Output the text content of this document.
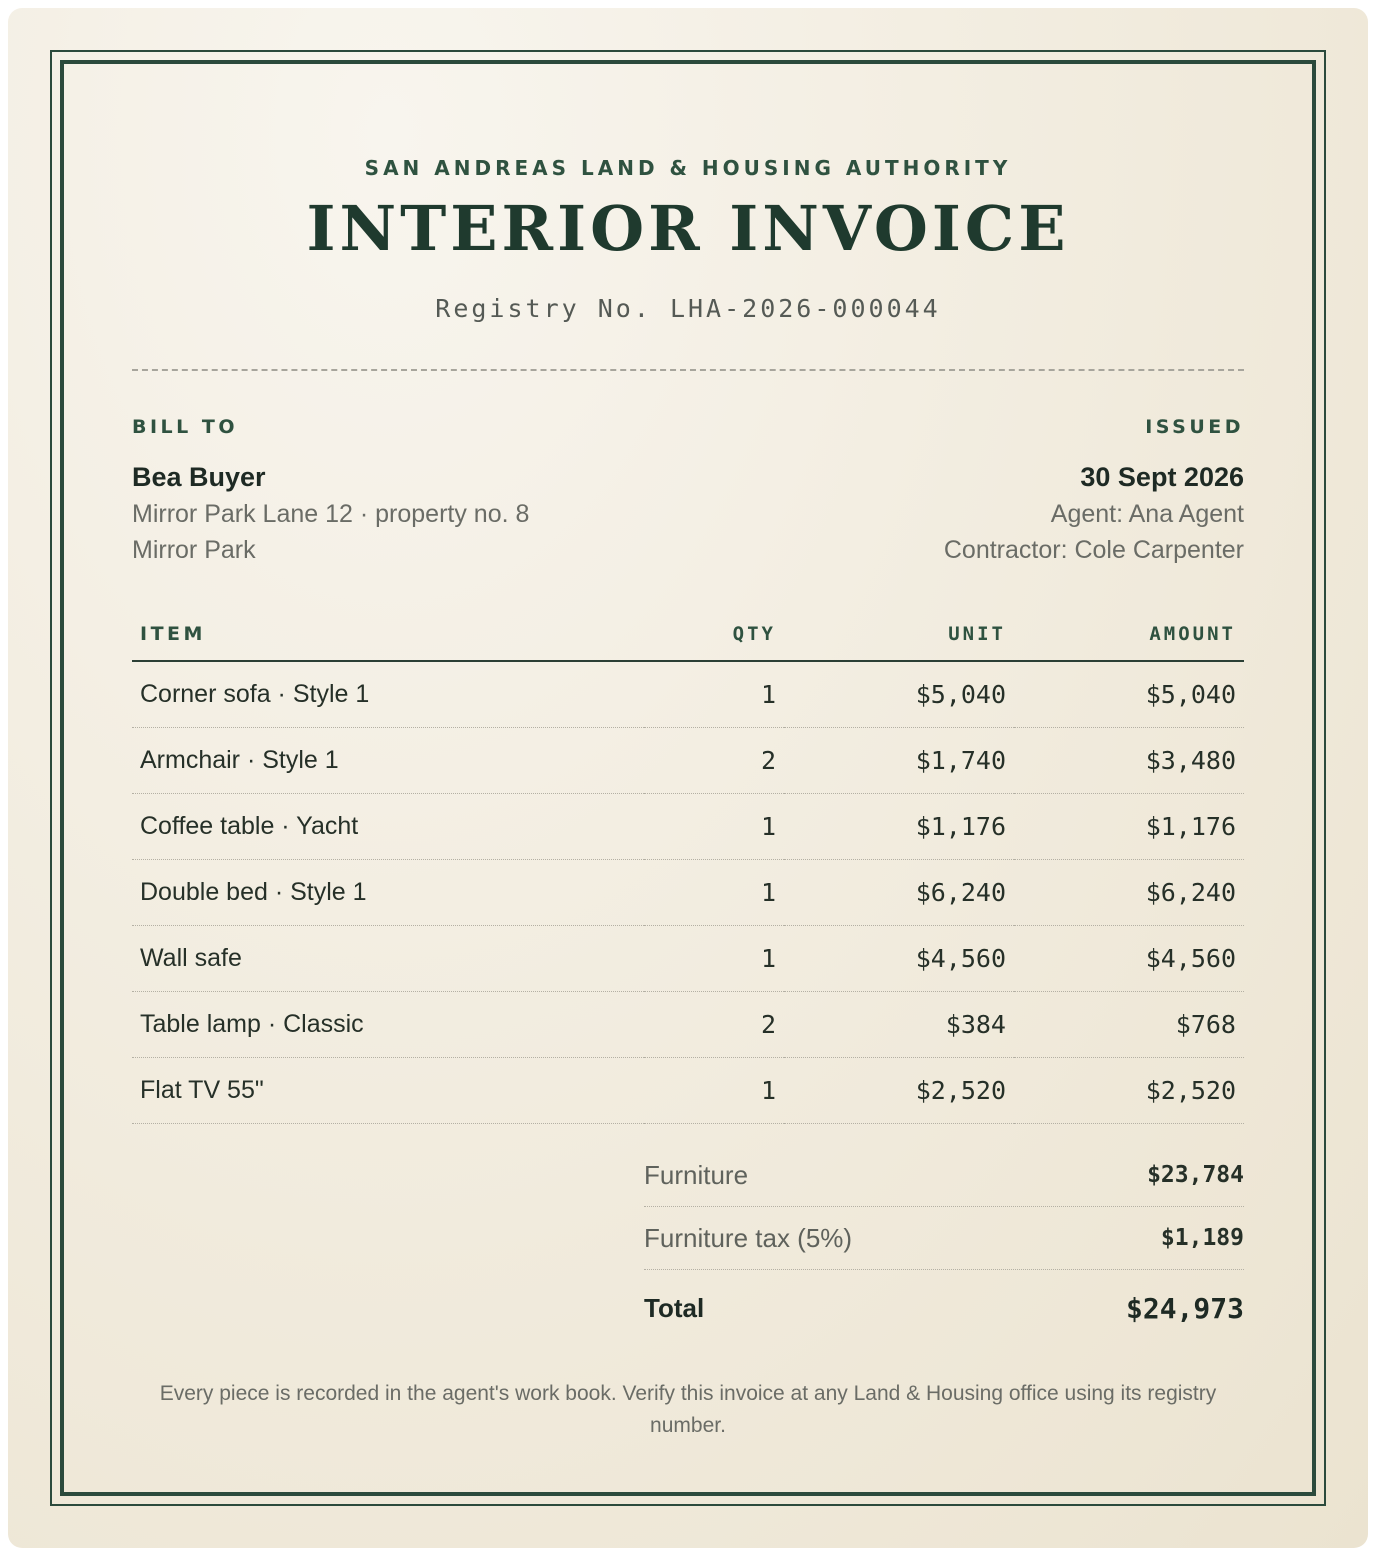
SAN ANDREAS LAND & HOUSING AUTHORITY
INTERIOR INVOICE
Registry No. LHA-2026-000044
BILL TO	ISSUED
Bea Buyer	30 Sept 2026
Mirror Park Lane 12 · property no. 8
Mirror Park
Agent: Ana Agent
Contractor: Cole Carpenter
ITEM	QTY	UNIT	AMOUNT
Corner sofa · Style 1	1	$5,040	$5,040
Armchair · Style 1	2	$1,740	$3,480
Coffee table · Yacht	1	$1,176	$1,176
Double bed · Style 1	1	$6,240	$6,240
Wall safe	1	$4,560	$4,560
Table lamp · Classic	2	$384	$768
Flat TV 55"	1	$2,520	$2,520
Furniture	$23,784
Furniture tax (5%)	$1,189
Total	$24,973
Every piece is recorded in the agent's work book. Verify this invoice at any Land & Housing office using its registry number.
